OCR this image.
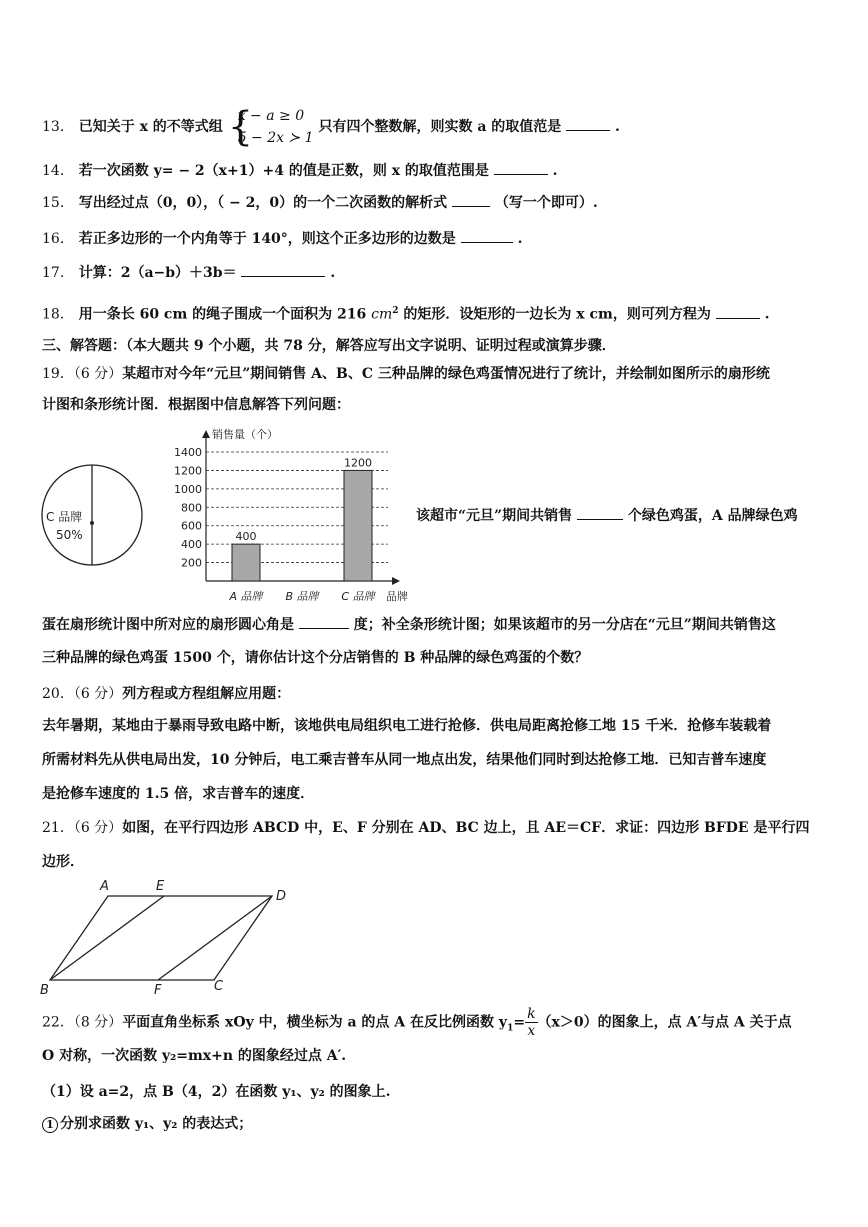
13． 已知关于 x 的不等式组 {
x − a ≥ 0
5 − 2x ≻ 1
只有四个整数解，则实数 a 的取值范是	.
14． 若一次函数 y= − 2（x+1）+4 的值是正数，则 x 的取值范围是	.
15． 写出经过点（0，0），（ − 2，0）的一个二次函数的解析式	（写一个即可）.
16． 若正多边形的一个内角等于 140°，则这个正多边形的边数是	.
17． 计算：2（a−b）＋3b＝	.
18． 用一条长 60 cm 的绳子围成一个面积为 216 $cm^2$ 的矩形．设矩形的一边长为 x cm，则可列方程为	.
三、解答题：（本大题共 9 个小题，共 78 分，解答应写出文字说明、证明过程或演算步骤．
19．（6 分）某超市对今年“元旦”期间销售 A、B、C 三种品牌的绿色鸡蛋情况进行了统计，并绘制如图所示的扇形统
计图和条形统计图．根据图中信息解答下列问题：
C 品牌
50%
200
400
600
800
1000
1200
1400
销售量（个）
品牌
A 品牌
400
B 品牌 C 品牌
1200
该超市“元旦”期间共销售	个绿色鸡蛋，A 品牌绿色鸡
蛋在扇形统计图中所对应的扇形圆心角是	度；补全条形统计图；如果该超市的另一分店在“元旦”期间共销售这
三种品牌的绿色鸡蛋 1500 个，请你估计这个分店销售的 B 种品牌的绿色鸡蛋的个数？
20．（6 分）列方程或方程组解应用题：
去年暑期，某地由于暴雨导致电路中断，该地供电局组织电工进行抢修．供电局距离抢修工地 15 千米．抢修车装载着
所需材料先从供电局出发，10 分钟后，电工乘吉普车从同一地点出发，结果他们同时到达抢修工地．已知吉普车速度
是抢修车速度的 1.5 倍，求吉普车的速度．
21．（6 分）如图，在平行四边形 ABCD 中，E、F 分别在 AD、BC 边上，且 AE＝CF．求证：四边形 BFDE 是平行四
边形．
A	E
D
B	F	C
22．（8 分）平面直角坐标系 xOy 中，横坐标为 a 的点 A 在反比例函数 $y_1= \frac{k}{x} (x>0)$的图象上，点 A′与点 A 关于点
O 对称，一次函数 y₂=mx+n 的图象经过点 A′.
（1）设 a=2，点 B（4，2）在函数 y₁、y₂ 的图象上.
1 分别求函数 y₁、y₂ 的表达式；
